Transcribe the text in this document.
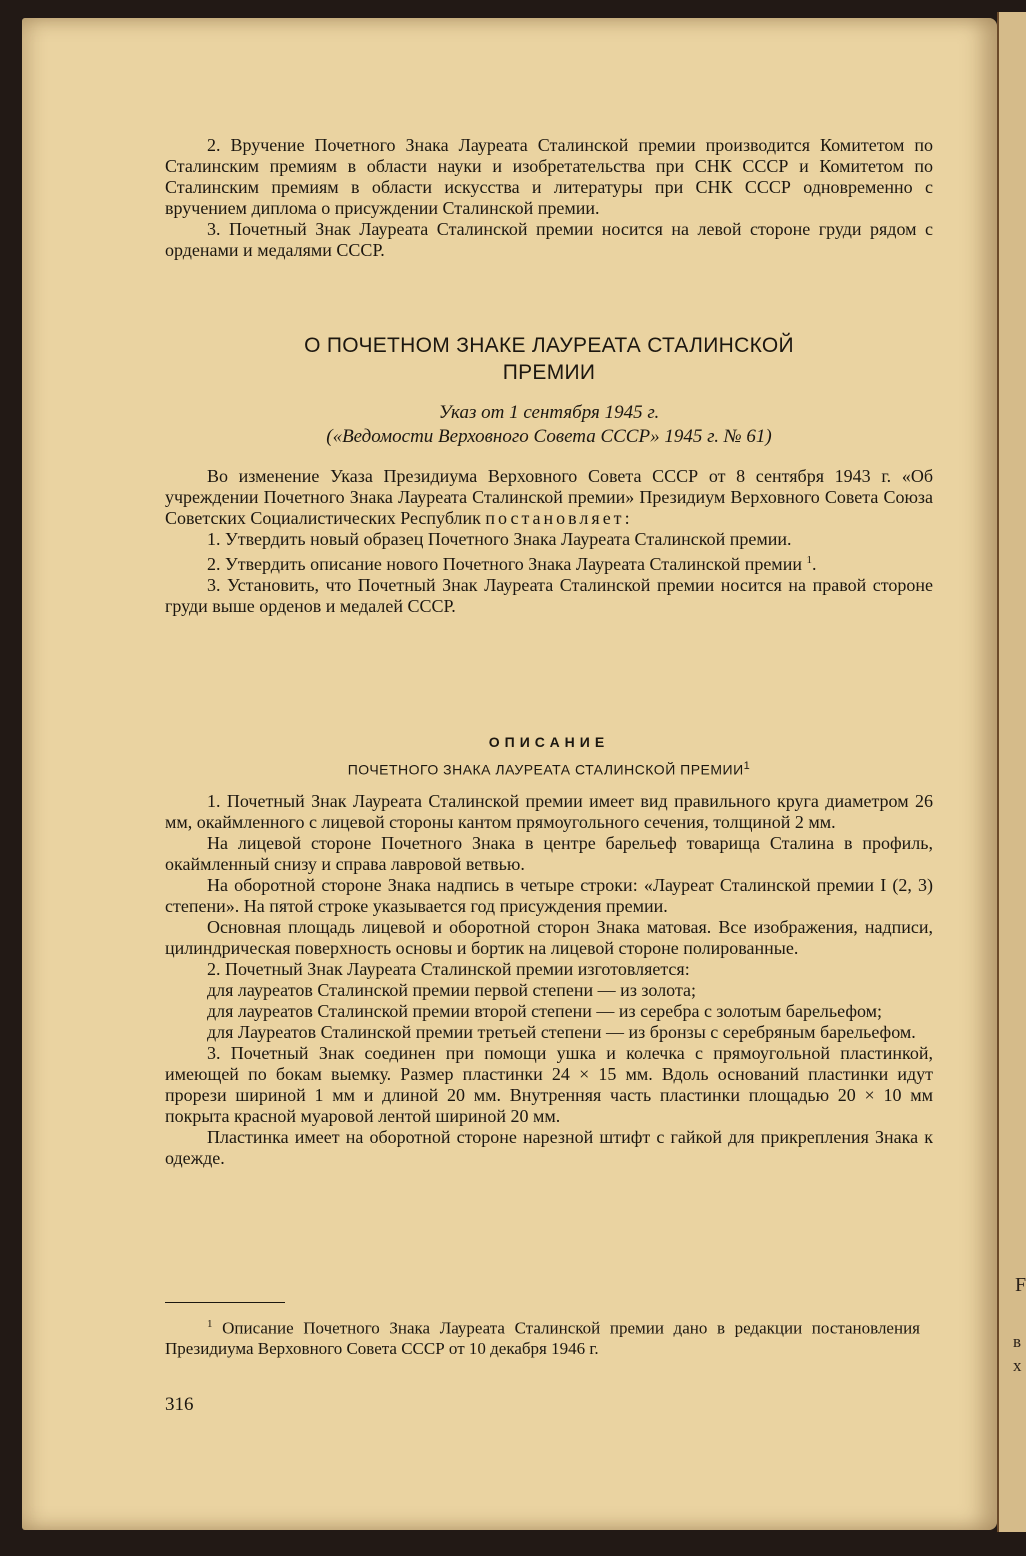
F
в
х

2. Вручение Почетного Знака Лауреата Сталинской премии производится Комитетом по Сталинским премиям в области науки и изобретательства при СНК СССР и Комитетом по Сталинским премиям в области искусства и литературы при СНК СССР одновременно с вручением диплома о присуждении Сталинской премии.

3. Почетный Знак Лауреата Сталинской премии носится на левой стороне груди рядом с орденами и медалями СССР.

О ПОЧЕТНОМ ЗНАКЕ ЛАУРЕАТА СТАЛИНСКОЙ
ПРЕМИИ
Указ от 1 сентября 1945 г.
(«Ведомости Верховного Совета СССР» 1945 г. № 61)

Во изменение Указа Президиума Верховного Совета СССР от 8 сентября 1943 г. «Об учреждении Почетного Знака Лауреата Сталинской премии» Президиум Верховного Совета Союза Советских Социалистических Республик постановляет:

1. Утвердить новый образец Почетного Знака Лауреата Сталинской премии.

2. Утвердить описание нового Почетного Знака Лауреата Сталинской премии $^1$.

3. Установить, что Почетный Знак Лауреата Сталинской премии носится на правой стороне груди выше орденов и медалей СССР.

ОПИСАНИЕ
ПОЧЕТНОГО ЗНАКА ЛАУРЕАТА СТАЛИНСКОЙ ПРЕМИИ$^1$

1. Почетный Знак Лауреата Сталинской премии имеет вид правильного круга диаметром 26 мм, окаймленного с лицевой стороны кантом прямоугольного сечения, толщиной 2 мм.

На лицевой стороне Почетного Знака в центре барельеф товарища Сталина в профиль, окаймленный снизу и справа лавровой ветвью.

На оборотной стороне Знака надпись в четыре строки: «Лауреат Сталинской премии I (2, 3) степени». На пятой строке указывается год присуждения премии.

Основная площадь лицевой и оборотной сторон Знака матовая. Все изображения, надписи, цилиндрическая поверхность основы и бортик на лицевой стороне полированные.

2. Почетный Знак Лауреата Сталинской премии изготовляется:

для лауреатов Сталинской премии первой степени — из золота;

для лауреатов Сталинской премии второй степени — из серебра с золотым барельефом;

для Лауреатов Сталинской премии третьей степени — из бронзы с серебряным барельефом.

3. Почетный Знак соединен при помощи ушка и колечка с прямоугольной пластинкой, имеющей по бокам выемку. Размер пластинки 24 × 15 мм. Вдоль оснований пластинки идут прорези шириной 1 мм и длиной 20 мм. Внутренняя часть пластинки площадью 20 × 10 мм покрыта красной муаровой лентой шириной 20 мм.

Пластинка имеет на оборотной стороне нарезной штифт с гайкой для прикрепления Знака к одежде.

$^1$ Описание Почетного Знака Лауреата Сталинской премии дано в редакции постановления Президиума Верховного Совета СССР от 10 декабря 1946 г.

316
